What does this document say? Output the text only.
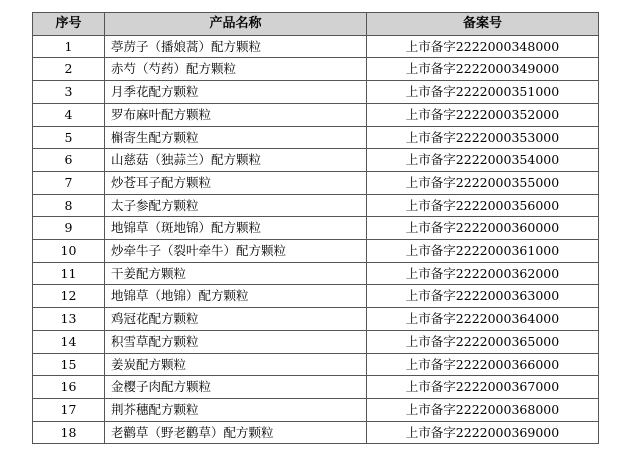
序号	产品名称	备案号
1	葶苈子（播娘蒿）配方颗粒	上市备字2222000348000
2	赤芍（芍药）配方颗粒	上市备字2222000349000
3	月季花配方颗粒	上市备字2222000351000
4	罗布麻叶配方颗粒	上市备字2222000352000
5	槲寄生配方颗粒	上市备字2222000353000
6	山慈菇（独蒜兰）配方颗粒	上市备字2222000354000
7	炒苍耳子配方颗粒	上市备字2222000355000
8	太子参配方颗粒	上市备字2222000356000
9	地锦草（斑地锦）配方颗粒	上市备字2222000360000
10	炒牵牛子（裂叶牵牛）配方颗粒	上市备字2222000361000
11	干姜配方颗粒	上市备字2222000362000
12	地锦草（地锦）配方颗粒	上市备字2222000363000
13	鸡冠花配方颗粒	上市备字2222000364000
14	积雪草配方颗粒	上市备字2222000365000
15	姜炭配方颗粒	上市备字2222000366000
16	金樱子肉配方颗粒	上市备字2222000367000
17	荆芥穗配方颗粒	上市备字2222000368000
18	老鹳草（野老鹳草）配方颗粒	上市备字2222000369000
